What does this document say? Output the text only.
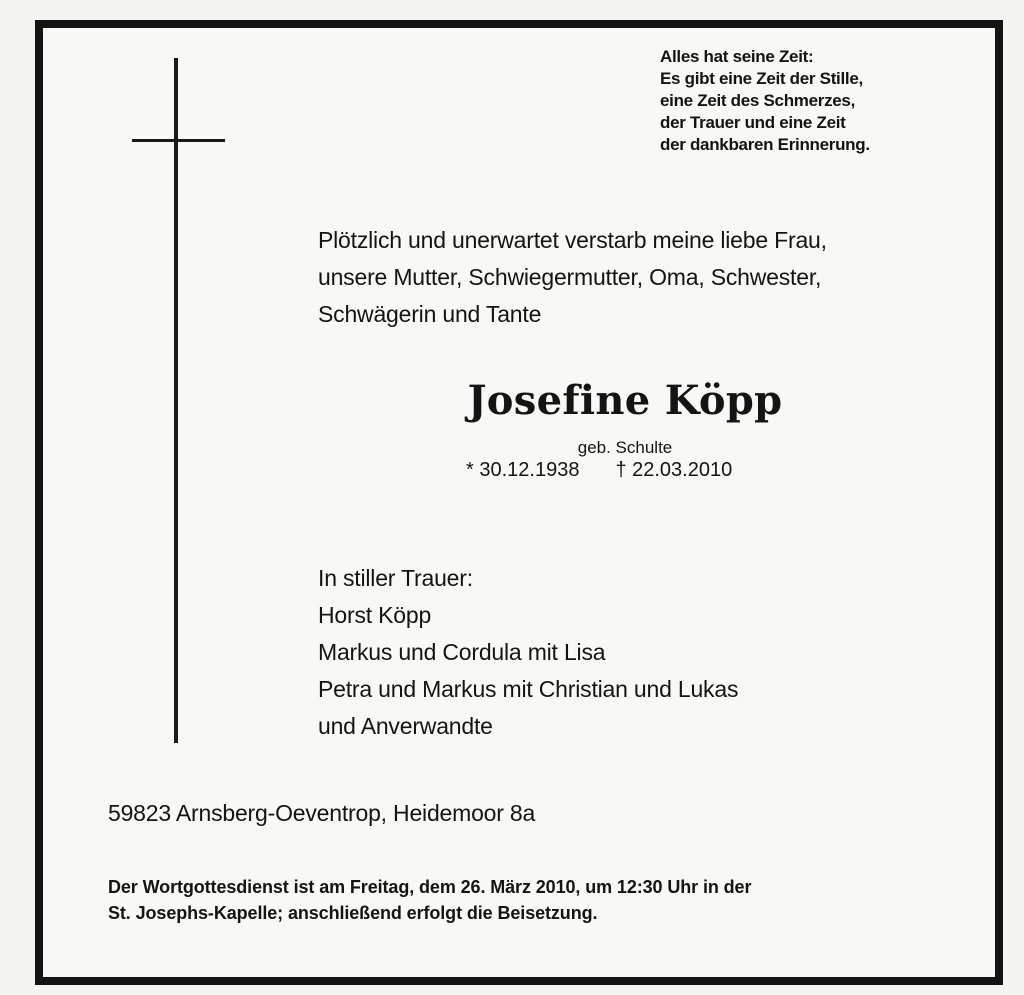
Alles hat seine Zeit:
Es gibt eine Zeit der Stille,
eine Zeit des Schmerzes,
der Trauer und eine Zeit
der dankbaren Erinnerung.
Plötzlich und unerwartet verstarb meine liebe Frau,
unsere Mutter, Schwiegermutter, Oma, Schwester,
Schwägerin und Tante
Josefine Köpp
geb. Schulte
* 30.12.1938 † 22.03.2010
In stiller Trauer:
Horst Köpp
Markus und Cordula mit Lisa
Petra und Markus mit Christian und Lukas
und Anverwandte
59823 Arnsberg-Oeventrop, Heidemoor 8a
Der Wortgottesdienst ist am Freitag, dem 26. März 2010, um 12:30 Uhr in der
St. Josephs-Kapelle; anschließend erfolgt die Beisetzung.
